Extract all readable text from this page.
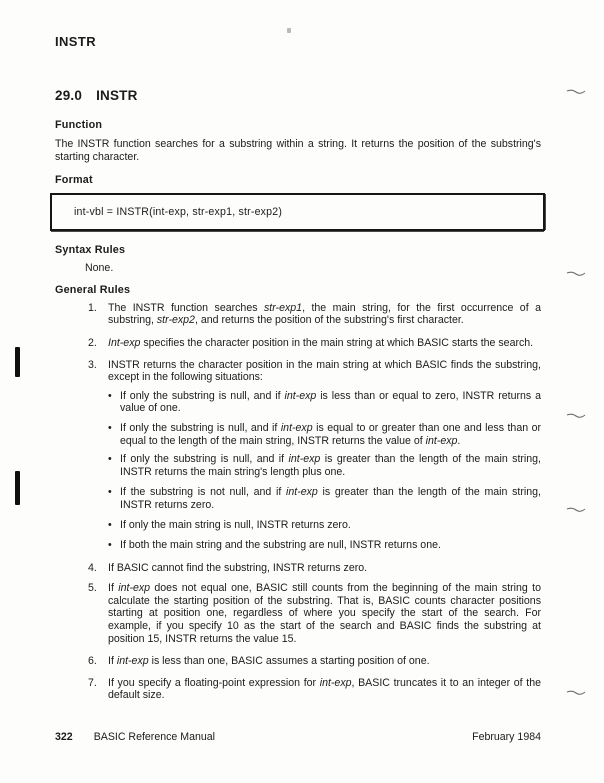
INSTR
29.0 INSTR
Function

The INSTR function searches for a substring within a string. It returns the position of the substring's starting character.

Format
int-vbl = INSTR(int-exp, str-exp1, str-exp2)
Syntax Rules

None.

General Rules
1.	The INSTR function searches str-exp1, the main string, for the first occurrence of a substring, str-exp2, and returns the position of the substring's first character.
2.	Int-exp specifies the character position in the main string at which BASIC starts the search.
3.	INSTR returns the character position in the main string at which BASIC finds the substring, except in the following situations:
• If only the substring is null, and if int-exp is less than or equal to zero, INSTR returns a value of one.
• If only the substring is null, and if int-exp is equal to or greater than one and less than or equal to the length of the main string, INSTR returns the value of int-exp.
• If only the substring is null, and if int-exp is greater than the length of the main string, INSTR returns the main string's length plus one.
• If the substring is not null, and if int-exp is greater than the length of the main string, INSTR returns zero.
• If only the main string is null, INSTR returns zero.
• If both the main string and the substring are null, INSTR returns one.
4.	If BASIC cannot find the substring, INSTR returns zero.
5.	If int-exp does not equal one, BASIC still counts from the beginning of the main string to calculate the starting position of the substring. That is, BASIC counts character positions starting at position one, regardless of where you specify the start of the search. For example, if you specify 10 as the start of the search and BASIC finds the substring at position 15, INSTR returns the value 15.
6.	If int-exp is less than one, BASIC assumes a starting position of one.
7.	If you specify a floating-point expression for int-exp, BASIC truncates it to an integer of the default size.
322 BASIC Reference Manual	February 1984
